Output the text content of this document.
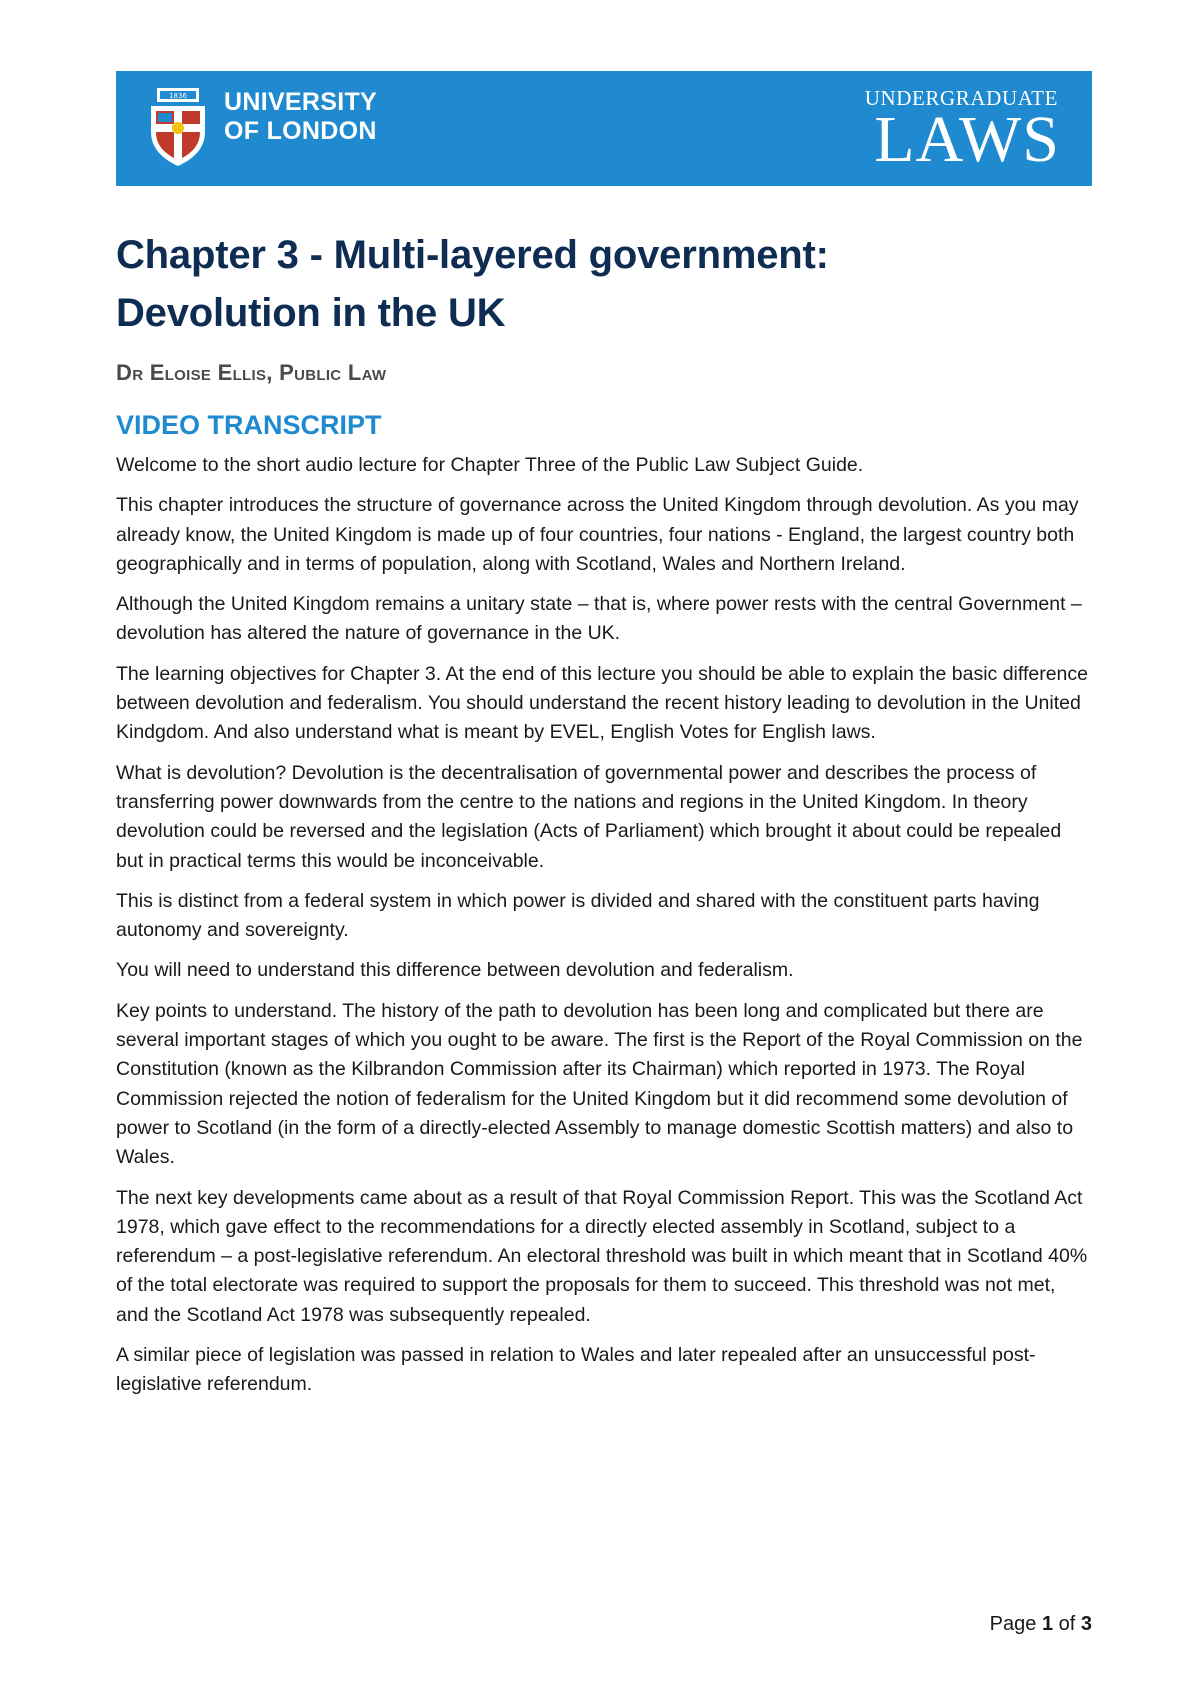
1836 UNIVERSITY
OF LONDON
UNDERGRADUATE
LAWS
Chapter 3 - Multi-layered government:
Devolution in the UK
Dr Eloise Ellis, Public Law
VIDEO TRANSCRIPT

Welcome to the short audio lecture for Chapter Three of the Public Law Subject Guide.

This chapter introduces the structure of governance across the United Kingdom through devolution. As you may already know, the United Kingdom is made up of four countries, four nations - England, the largest country both geographically and in terms of population, along with Scotland, Wales and Northern Ireland.

Although the United Kingdom remains a unitary state – that is, where power rests with the central Government – devolution has altered the nature of governance in the UK.

The learning objectives for Chapter 3. At the end of this lecture you should be able to explain the basic difference between devolution and federalism. You should understand the recent history leading to devolution in the United Kindgdom. And also understand what is meant by EVEL, English Votes for English laws.

What is devolution? Devolution is the decentralisation of governmental power and describes the process of transferring power downwards from the centre to the nations and regions in the United Kingdom. In theory devolution could be reversed and the legislation (Acts of Parliament) which brought it about could be repealed but in practical terms this would be inconceivable.

This is distinct from a federal system in which power is divided and shared with the constituent parts having autonomy and sovereignty.

You will need to understand this difference between devolution and federalism.

Key points to understand. The history of the path to devolution has been long and complicated but there are several important stages of which you ought to be aware. The first is the Report of the Royal Commission on the Constitution (known as the Kilbrandon Commission after its Chairman) which reported in 1973. The Royal Commission rejected the notion of federalism for the United Kingdom but it did recommend some devolution of power to Scotland (in the form of a directly-elected Assembly to manage domestic Scottish matters) and also to Wales.

The next key developments came about as a result of that Royal Commission Report. This was the Scotland Act 1978, which gave effect to the recommendations for a directly elected assembly in Scotland, subject to a referendum – a post-legislative referendum. An electoral threshold was built in which meant that in Scotland 40% of the total electorate was required to support the proposals for them to succeed. This threshold was not met, and the Scotland Act 1978 was subsequently repealed.

A similar piece of legislation was passed in relation to Wales and later repealed after an unsuccessful post-legislative referendum.

Page 1 of 3
